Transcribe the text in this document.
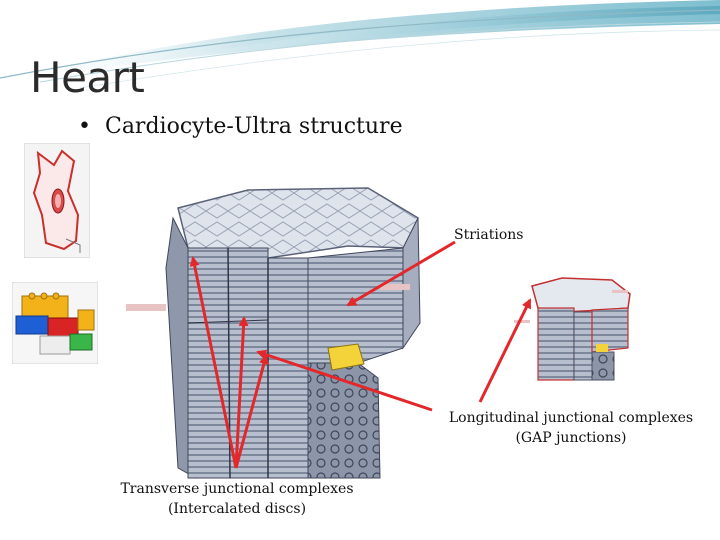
Heart
• Cardiocyte-Ultra structure
Striations
Longitudinal junctional complexes
(GAP junctions)
Transverse junctional complexes
(Intercalated discs)
